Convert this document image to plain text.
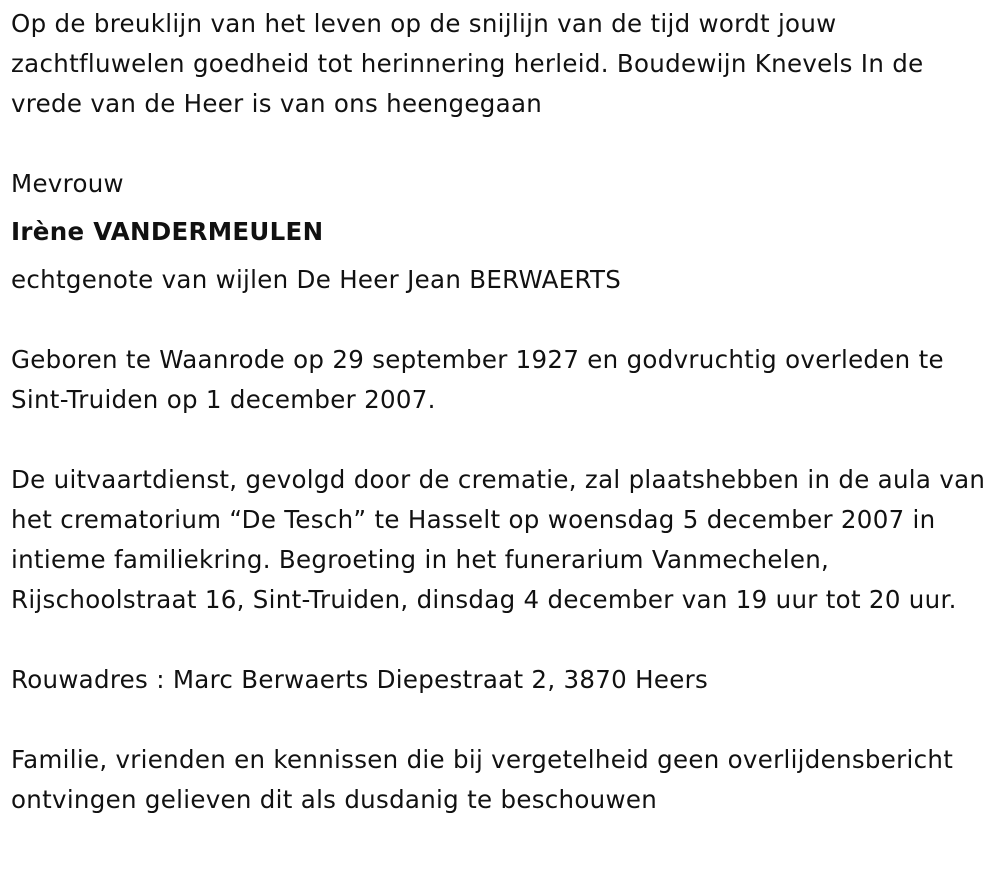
Op de breuklijn van het leven op de snijlijn van de tijd wordt jouw zachtfluwelen goedheid tot herinnering herleid. Boudewijn Knevels In de vrede van de Heer is van ons heengegaan

Mevrouw

Irène VANDERMEULEN

echtgenote van wijlen De Heer Jean BERWAERTS

Geboren te Waanrode op 29 september 1927 en godvruchtig overleden te Sint-Truiden op 1 december 2007.

De uitvaartdienst, gevolgd door de crematie, zal plaatshebben in de aula van het crematorium “De Tesch” te Hasselt op woensdag 5 december 2007 in intieme familiekring. Begroeting in het funerarium Vanmechelen, Rijschoolstraat 16, Sint-Truiden, dinsdag 4 december van 19 uur tot 20 uur.

Rouwadres : Marc Berwaerts Diepestraat 2, 3870 Heers

Familie, vrienden en kennissen die bij vergetelheid geen overlijdensbericht ontvingen gelieven dit als dusdanig te beschouwen
